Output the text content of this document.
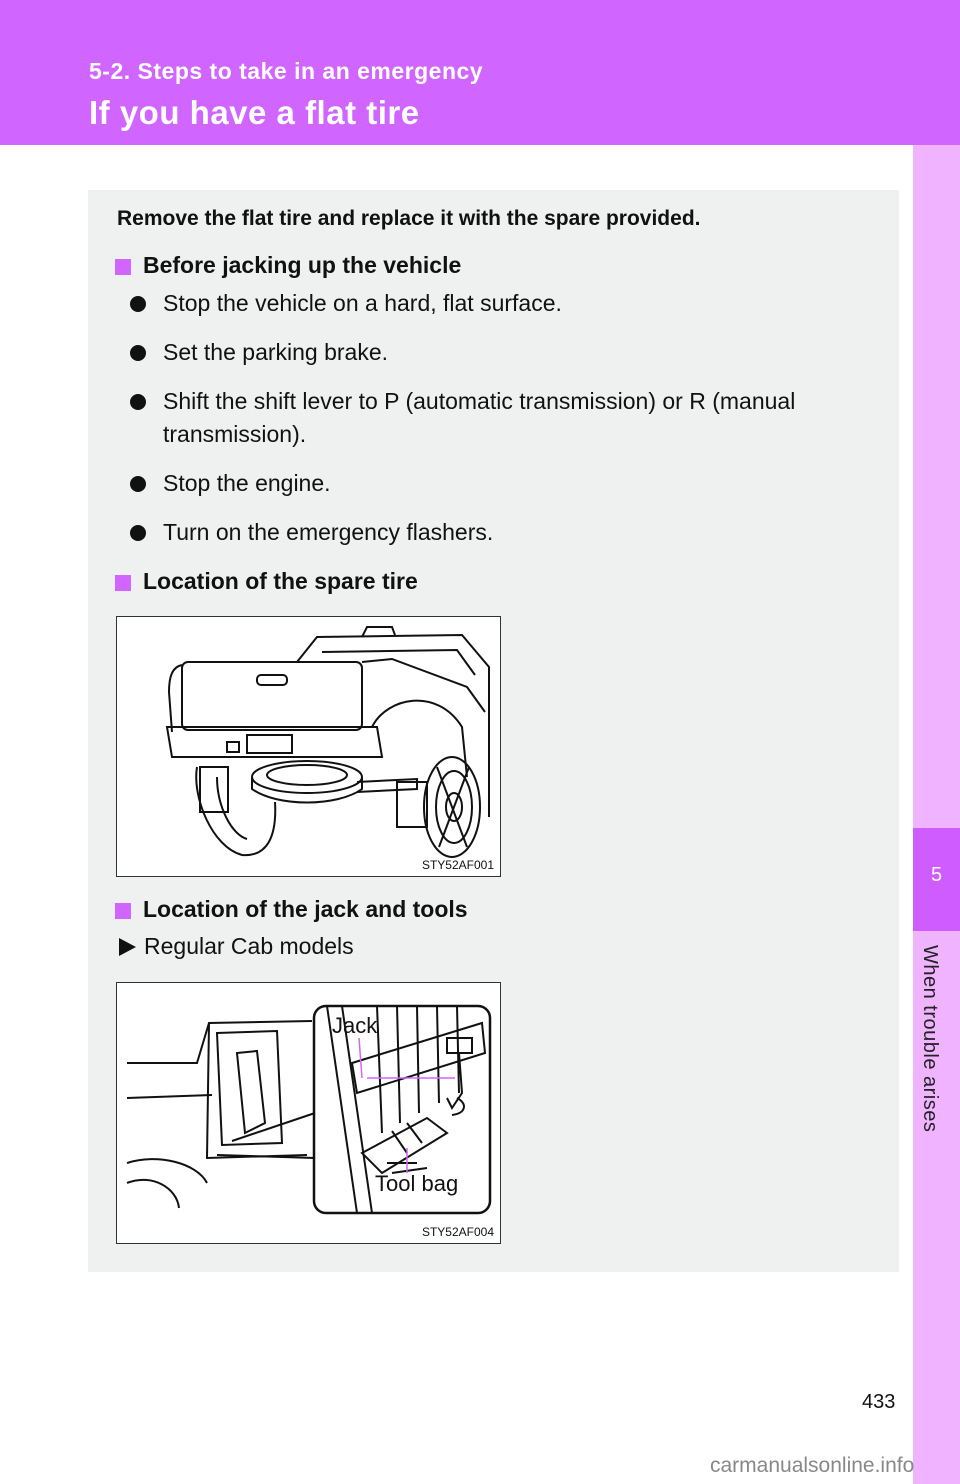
5-2. Steps to take in an emergency
If you have a flat tire
5
When trouble arises
Remove the flat tire and replace it with the spare provided.
Before jacking up the vehicle
Stop the vehicle on a hard, flat surface.
Set the parking brake.
Shift the shift lever to P (automatic transmission) or R (manual transmission).
Stop the engine.
Turn on the emergency flashers.
Location of the spare tire
STY52AF001
Location of the jack and tools
Regular Cab models
Jack
Tool bag
STY52AF004
433
carmanualsonline.info
